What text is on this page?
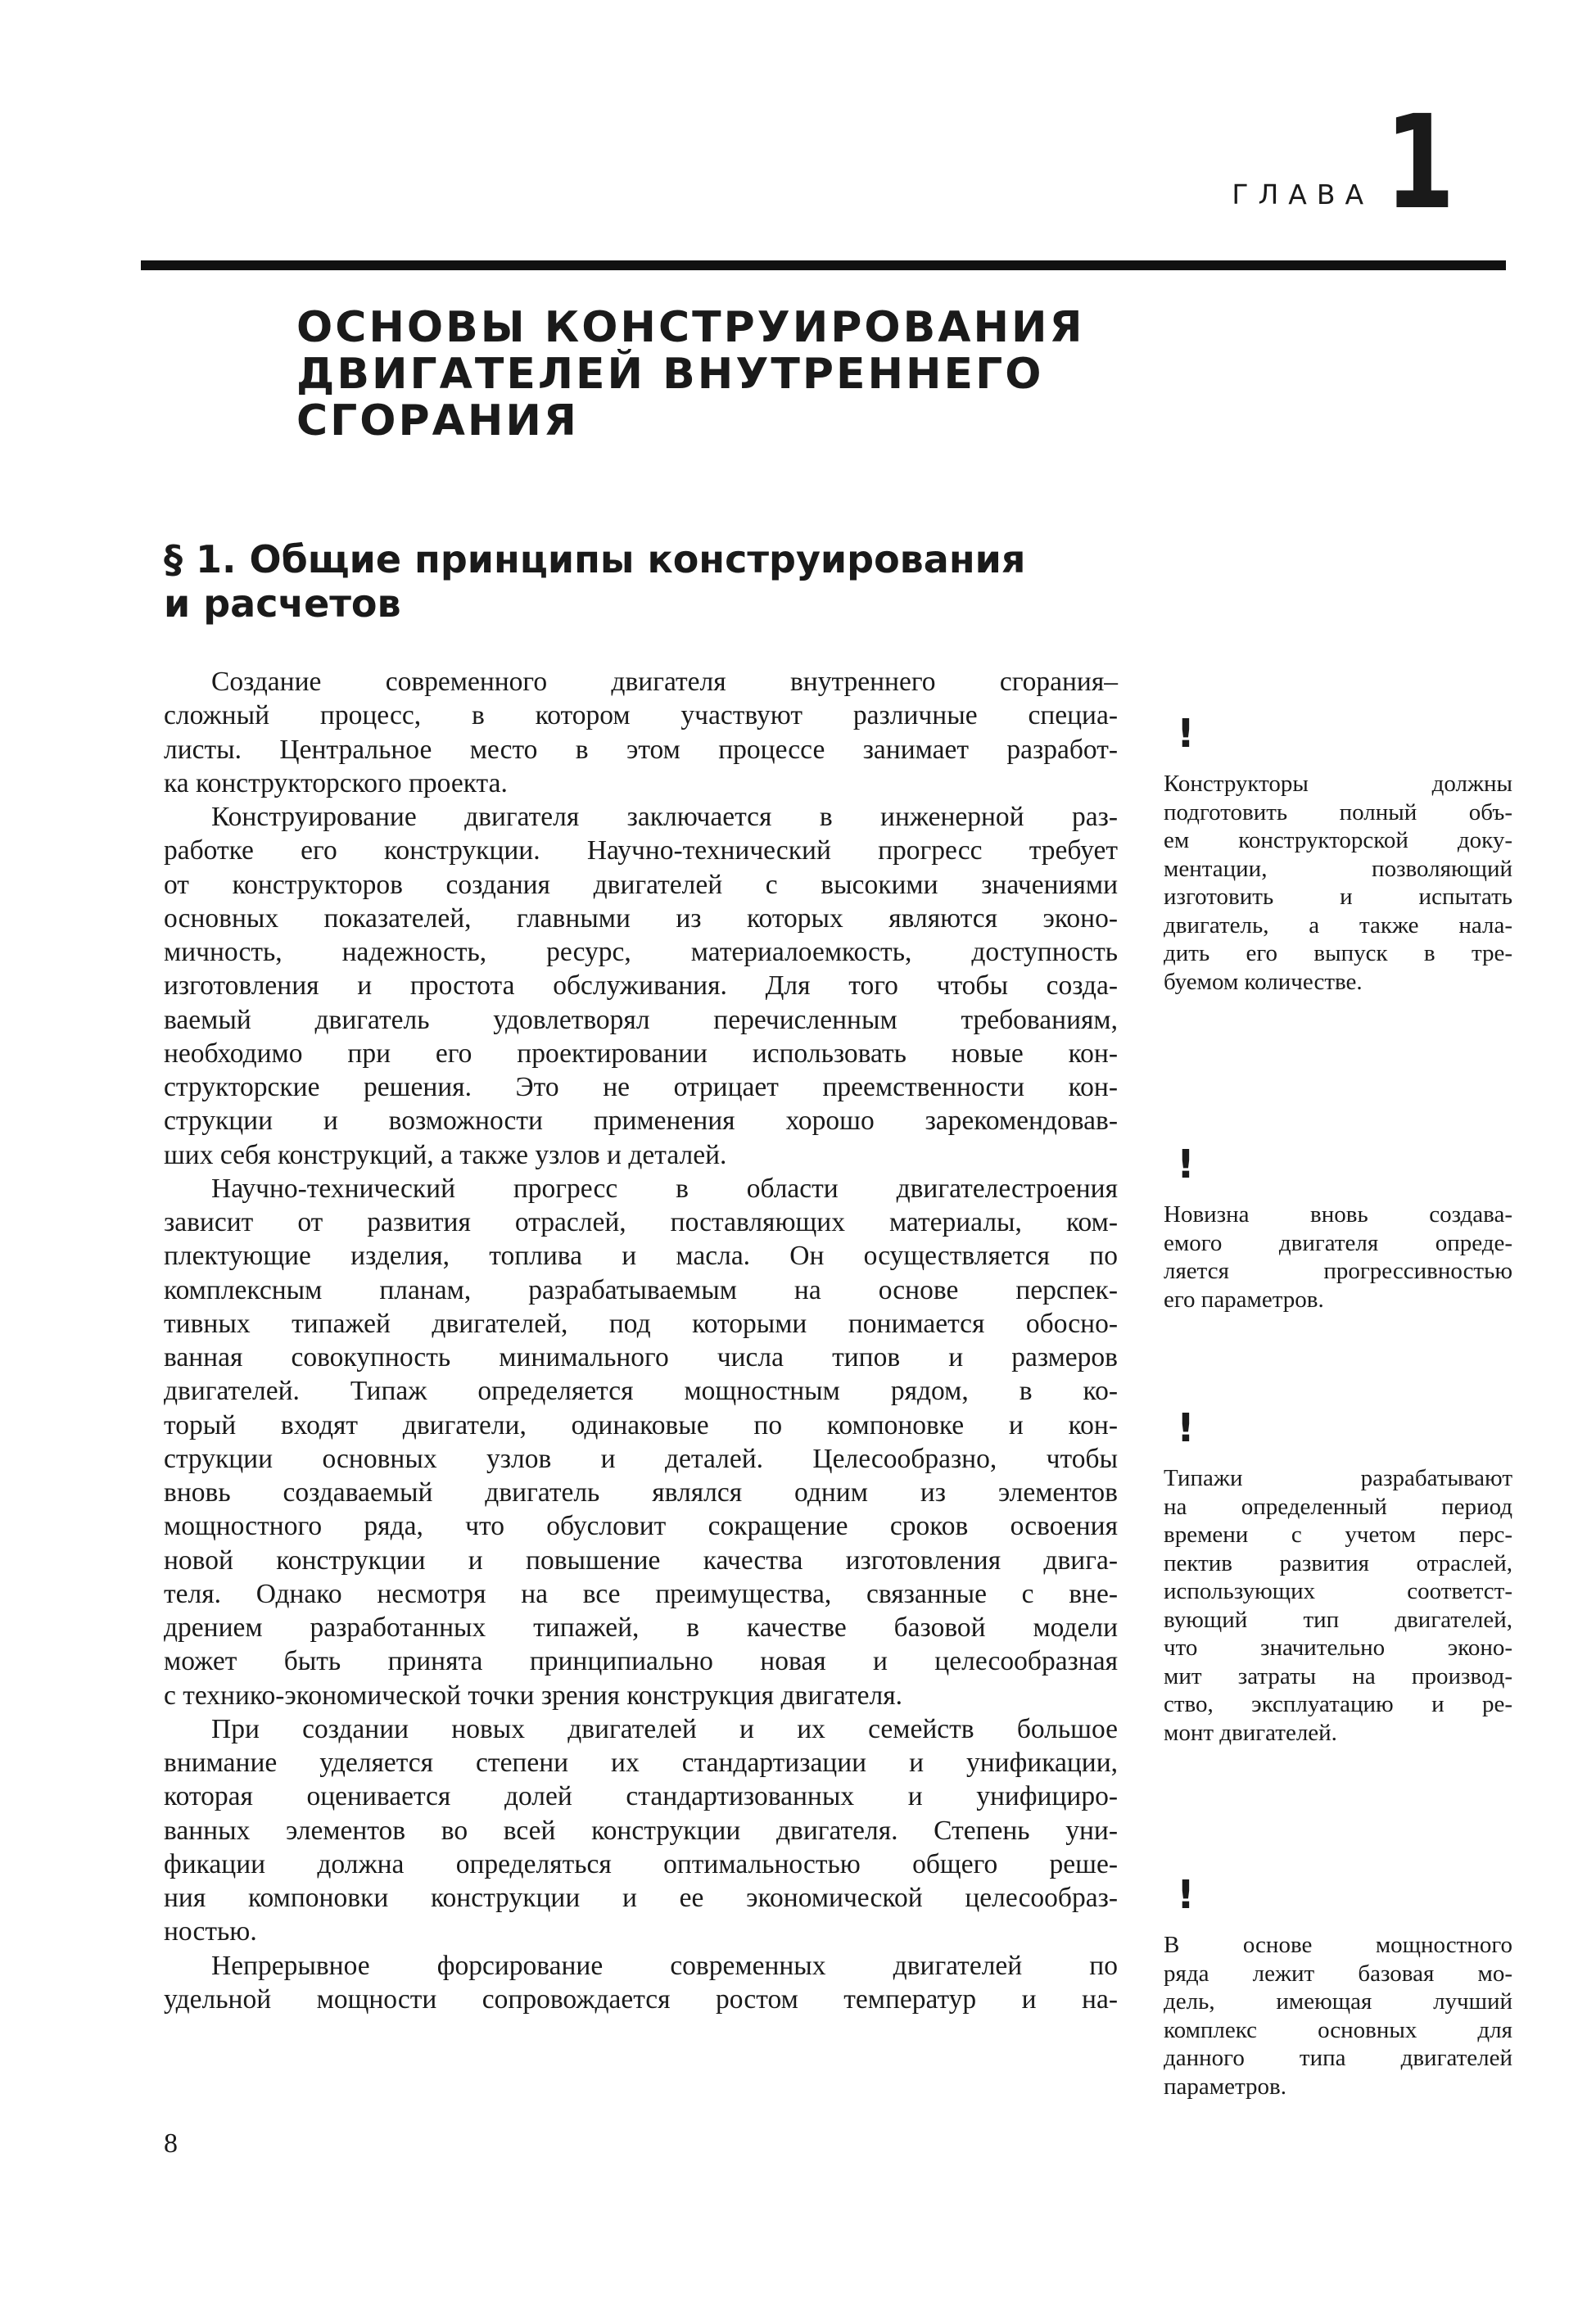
ГЛАВА 1
ОСНОВЫ КОНСТРУИРОВАНИЯ
ДВИГАТЕЛЕЙ ВНУТРЕННЕГО
СГОРАНИЯ
§ 1. Общие принципы конструирования
и расчетов

Создание современного двигателя внутреннего сгорания–
сложный процесс, в котором участвуют различные специа-
листы. Центральное место в этом процессе занимает разработ-
ка конструкторского проекта.

Конструирование двигателя заключается в инженерной раз-
работке его конструкции. Научно-технический прогресс требует
от конструкторов создания двигателей с высокими значениями
основных показателей, главными из которых являются эконо-
мичность, надежность, ресурс, материалоемкость, доступность
изготовления и простота обслуживания. Для того чтобы созда-
ваемый двигатель удовлетворял перечисленным требованиям,
необходимо при его проектировании использовать новые кон-
структорские решения. Это не отрицает преемственности кон-
струкции и возможности применения хорошо зарекомендовав-
ших себя конструкций, а также узлов и деталей.

Научно-технический прогресс в области двигателестроения
зависит от развития отраслей, поставляющих материалы, ком-
плектующие изделия, топлива и масла. Он осуществляется по
комплексным планам, разрабатываемым на основе перспек-
тивных типажей двигателей, под которыми понимается обосно-
ванная совокупность минимального числа типов и размеров
двигателей. Типаж определяется мощностным рядом, в ко-
торый входят двигатели, одинаковые по компоновке и кон-
струкции основных узлов и деталей. Целесообразно, чтобы
вновь создаваемый двигатель являлся одним из элементов
мощностного ряда, что обусловит сокращение сроков освоения
новой конструкции и повышение качества изготовления двига-
теля. Однако несмотря на все преимущества, связанные с вне-
дрением разработанных типажей, в качестве базовой модели
может быть принята принципиально новая и целесообразная
с технико-экономической точки зрения конструкция двигателя.

При создании новых двигателей и их семейств большое
внимание уделяется степени их стандартизации и унификации,
которая оценивается долей стандартизованных и унифициро-
ванных элементов во всей конструкции двигателя. Степень уни-
фикации должна определяться оптимальностью общего реше-
ния компоновки конструкции и ее экономической целесообраз-
ностью.

Непрерывное форсирование современных двигателей по
удельной мощности сопровождается ростом температур и на-

!
Конструкторы должны
подготовить полный объ-
ем конструкторской доку-
ментации, позволяющий
изготовить и испытать
двигатель, а также нала-
дить его выпуск в тре-
буемом количестве.
!
Новизна вновь создава-
емого двигателя опреде-
ляется прогрессивностью
его параметров.
!
Типажи разрабатывают
на определенный период
времени с учетом перс-
пектив развития отраслей,
использующих соответст-
вующий тип двигателей,
что значительно эконо-
мит затраты на производ-
ство, эксплуатацию и ре-
монт двигателей.
!
В основе мощностного
ряда лежит базовая мо-
дель, имеющая лучший
комплекс основных для
данного типа двигателей
параметров.
8
